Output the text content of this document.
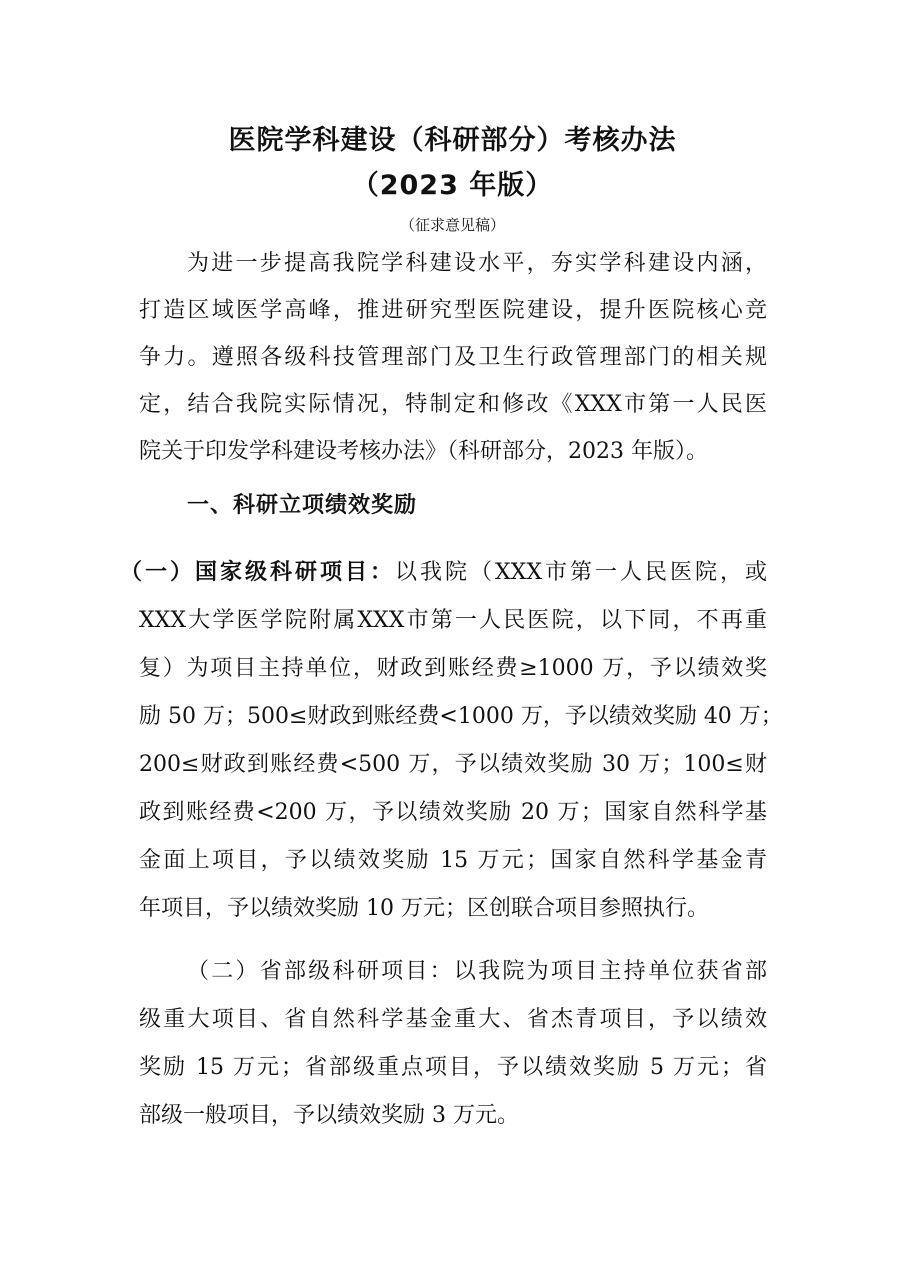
医院学科建设（科研部分）考核办法
（2023 年版）
（征求意见稿）
为进一步提高我院学科建设水平，夯实学科建设内涵，
打造区域医学高峰，推进研究型医院建设，提升医院核心竞
争力。遵照各级科技管理部门及卫生行政管理部门的相关规
定，结合我院实际情况，特制定和修改《XXX市第一人民医
院关于印发学科建设考核办法》（科研部分，2023 年版）。
一、科研立项绩效奖励
（一）国家级科研项目：以我院（XXX市第一人民医院，或
XXX大学医学院附属XXX市第一人民医院，以下同，不再重
复）为项目主持单位，财政到账经费≥1000 万，予以绩效奖
励 50 万；500≤财政到账经费<1000 万，予以绩效奖励 40 万；
200≤财政到账经费<500 万，予以绩效奖励 30 万；100≤财
政到账经费<200 万，予以绩效奖励 20 万；国家自然科学基
金面上项目，予以绩效奖励 15 万元；国家自然科学基金青
年项目，予以绩效奖励 10 万元；区创联合项目参照执行。
（二）省部级科研项目：以我院为项目主持单位获省部
级重大项目、省自然科学基金重大、省杰青项目，予以绩效
奖励 15 万元；省部级重点项目，予以绩效奖励 5 万元；省
部级一般项目，予以绩效奖励 3 万元。
